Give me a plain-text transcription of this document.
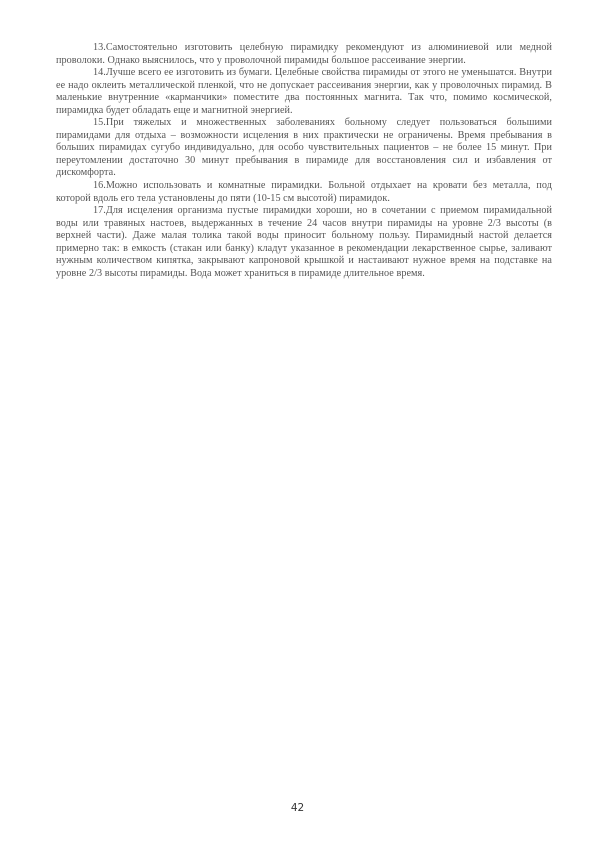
13.Самостоятельно изготовить целебную пирамидку рекомендуют из алюминиевой или медной проволоки. Однако выяснилось, что у проволочной пирамиды большое рассеивание энергии.

14.Лучше всего ее изготовить из бумаги. Целебные свойства пирамиды от этого не уменьшатся. Внутри ее надо оклеить металлической пленкой, что не допускает рассеивания энергии, как у проволочных пирамид. В маленькие внутренние «карманчики» поместите два постоянных магнита. Так что, помимо космической, пирамидка будет обладать еще и магнитной энергией.

15.При тяжелых и множественных заболеваниях больному следует пользоваться большими пирамидами для отдыха – возможности исцеления в них практически не ограничены. Время пребывания в больших пирамидах сугубо индивидуально, для особо чувствительных пациентов – не более 15 минут. При переутомлении достаточно 30 минут пребывания в пирамиде для восстановления сил и избавления от дискомфорта.

16.Можно использовать и комнатные пирамидки. Больной отдыхает на кровати без металла, под которой вдоль его тела установлены до пяти (10-15 см высотой) пирамидок.

17.Для исцеления организма пустые пирамидки хороши, но в сочетании с приемом пирамидальной воды или травяных настоев, выдержанных в течение 24 часов внутри пирамиды на уровне 2/3 высоты (в верхней части). Даже малая толика такой воды приносит больному пользу. Пирамидный настой делается примерно так: в емкость (стакан или банку) кладут указанное в рекомендации лекарственное сырье, заливают нужным количеством кипятка, закрывают капроновой крышкой и настаивают нужное время на подставке на уровне 2/3 высоты пирамиды. Вода может храниться в пирамиде длительное время.

42
